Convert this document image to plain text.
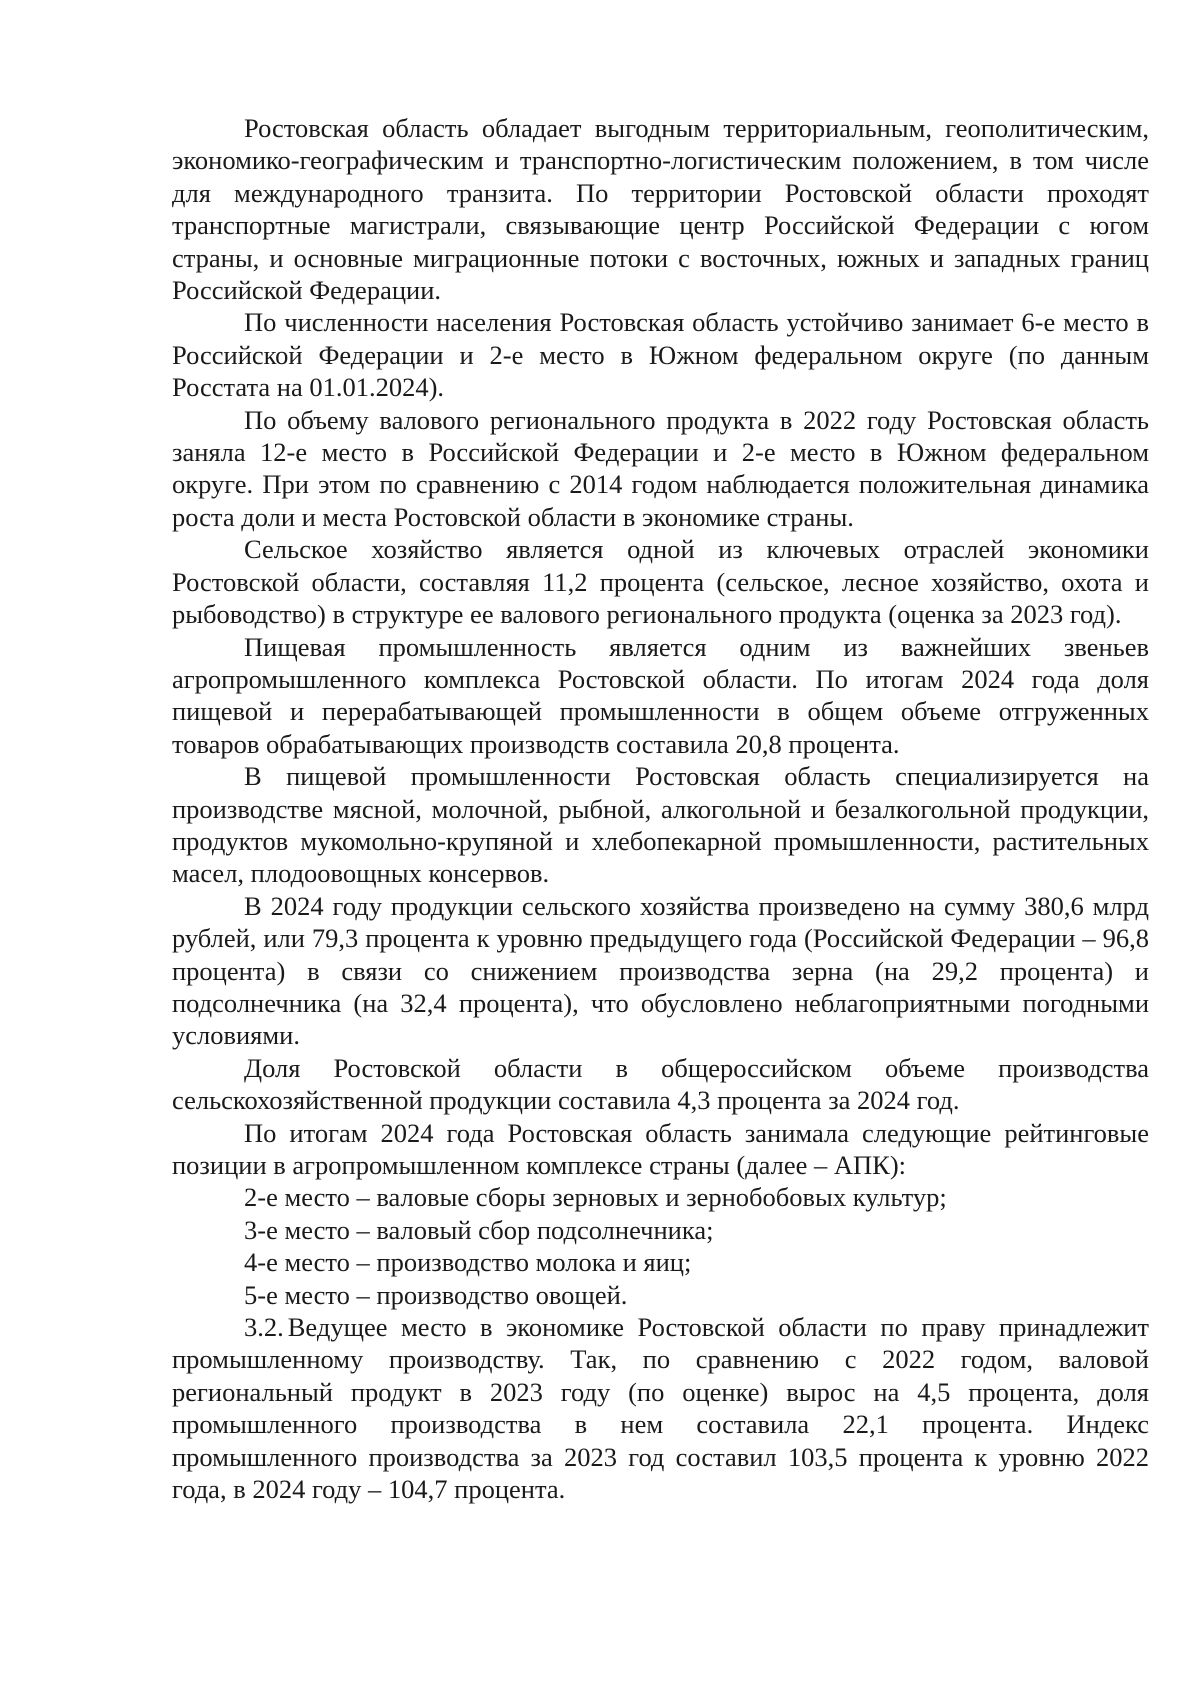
Ростовская область обладает выгодным территориальным, геополитическим, экономико-географическим и транспортно-логистическим положением, в том числе для международного транзита. По территории Ростовской области проходят транспортные магистрали, связывающие центр Российской Федерации с югом страны, и основные миграционные потоки с восточных, южных и западных границ Российской Федерации.

По численности населения Ростовская область устойчиво занимает 6-е место в Российской Федерации и 2-е место в Южном федеральном округе (по данным Росстата на 01.01.2024).

По объему валового регионального продукта в 2022 году Ростовская область заняла 12-е место в Российской Федерации и 2-е место в Южном федеральном округе. При этом по сравнению с 2014 годом наблюдается положительная динамика роста доли и места Ростовской области в экономике страны.

Сельское хозяйство является одной из ключевых отраслей экономики Ростовской области, составляя 11,2 процента (сельское, лесное хозяйство, охота и рыбоводство) в структуре ее валового регионального продукта (оценка за 2023 год).

Пищевая промышленность является одним из важнейших звеньев агропромышленного комплекса Ростовской области. По итогам 2024 года доля пищевой и перерабатывающей промышленности в общем объеме отгруженных товаров обрабатывающих производств составила 20,8 процента.

В пищевой промышленности Ростовская область специализируется на производстве мясной, молочной, рыбной, алкогольной и безалкогольной продукции, продуктов мукомольно-крупяной и хлебопекарной промышленности, растительных масел, плодоовощных консервов.

В 2024 году продукции сельского хозяйства произведено на сумму 380,6 млрд рублей, или 79,3 процента к уровню предыдущего года (Российской Федерации – 96,8 процента) в связи со снижением производства зерна (на 29,2 процента) и подсолнечника (на 32,4 процента), что обусловлено неблагоприятными погодными условиями.

Доля Ростовской области в общероссийском объеме производства сельскохозяйственной продукции составила 4,3 процента за 2024 год.

По итогам 2024 года Ростовская область занимала следующие рейтинговые позиции в агропромышленном комплексе страны (далее – АПК):

2-е место – валовые сборы зерновых и зернобобовых культур;

3-е место – валовый сбор подсолнечника;

4-е место – производство молока и яиц;

5-е место – производство овощей.

3.2. Ведущее место в экономике Ростовской области по праву принадлежит промышленному производству. Так, по сравнению с 2022 годом, валовой региональный продукт в 2023 году (по оценке) вырос на 4,5 процента, доля промышленного производства в нем составила 22,1 процента. Индекс промышленного производства за 2023 год составил 103,5 процента к уровню 2022 года, в 2024 году – 104,7 процента.
